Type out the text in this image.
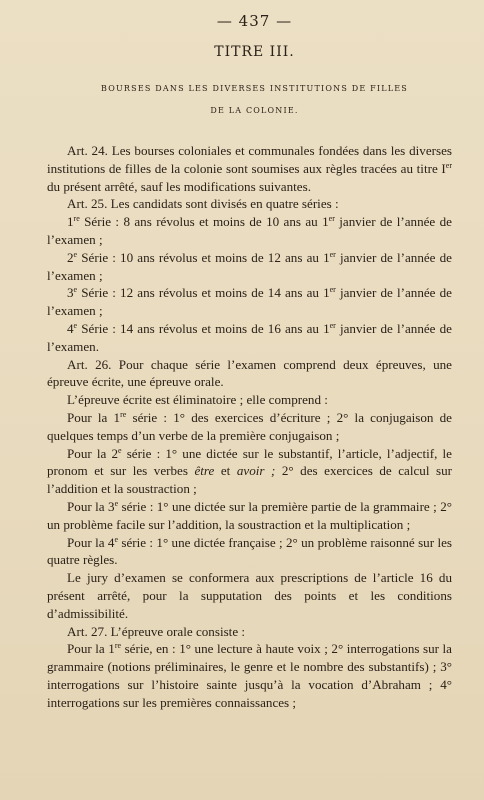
— 437 —
TITRE III.
BOURSES DANS LES DIVERSES INSTITUTIONS DE FILLES
DE LA COLONIE.

Art. 24. Les bourses coloniales et communales fondées dans les diverses institutions de filles de la colonie sont soumises aux règles tracées au titre Ier du présent arrêté, sauf les modifications suivantes.

Art. 25. Les candidats sont divisés en quatre séries :

1re Série : 8 ans révolus et moins de 10 ans au 1er janvier de l’année de l’examen ;

2e Série : 10 ans révolus et moins de 12 ans au 1er janvier de l’année de l’examen ;

3e Série : 12 ans révolus et moins de 14 ans au 1er janvier de l’année de l’examen ;

4e Série : 14 ans révolus et moins de 16 ans au 1er janvier de l’année de l’examen.

Art. 26. Pour chaque série l’examen comprend deux épreuves, une épreuve écrite, une épreuve orale.

L’épreuve écrite est éliminatoire ; elle comprend :

Pour la 1re série : 1° des exercices d’écriture ; 2° la conjugaison de quelques temps d’un verbe de la première conjugaison ;

Pour la 2e série : 1° une dictée sur le substantif, l’article, l’adjectif, le pronom et sur les verbes être et avoir ; 2° des exercices de calcul sur l’addition et la soustraction ;

Pour la 3e série : 1° une dictée sur la première partie de la grammaire ; 2° un problème facile sur l’addition, la soustraction et la multiplication ;

Pour la 4e série : 1° une dictée française ; 2° un problème raisonné sur les quatre règles.

Le jury d’examen se conformera aux prescriptions de l’article 16 du présent arrêté, pour la supputation des points et les conditions d’admissibilité.

Art. 27. L’épreuve orale consiste :

Pour la 1re série, en : 1° une lecture à haute voix ; 2° interrogations sur la grammaire (notions préliminaires, le genre et le nombre des substantifs) ; 3° interrogations sur l’histoire sainte jusqu’à la vocation d’Abraham ; 4° interrogations sur les premières connaissances ;
